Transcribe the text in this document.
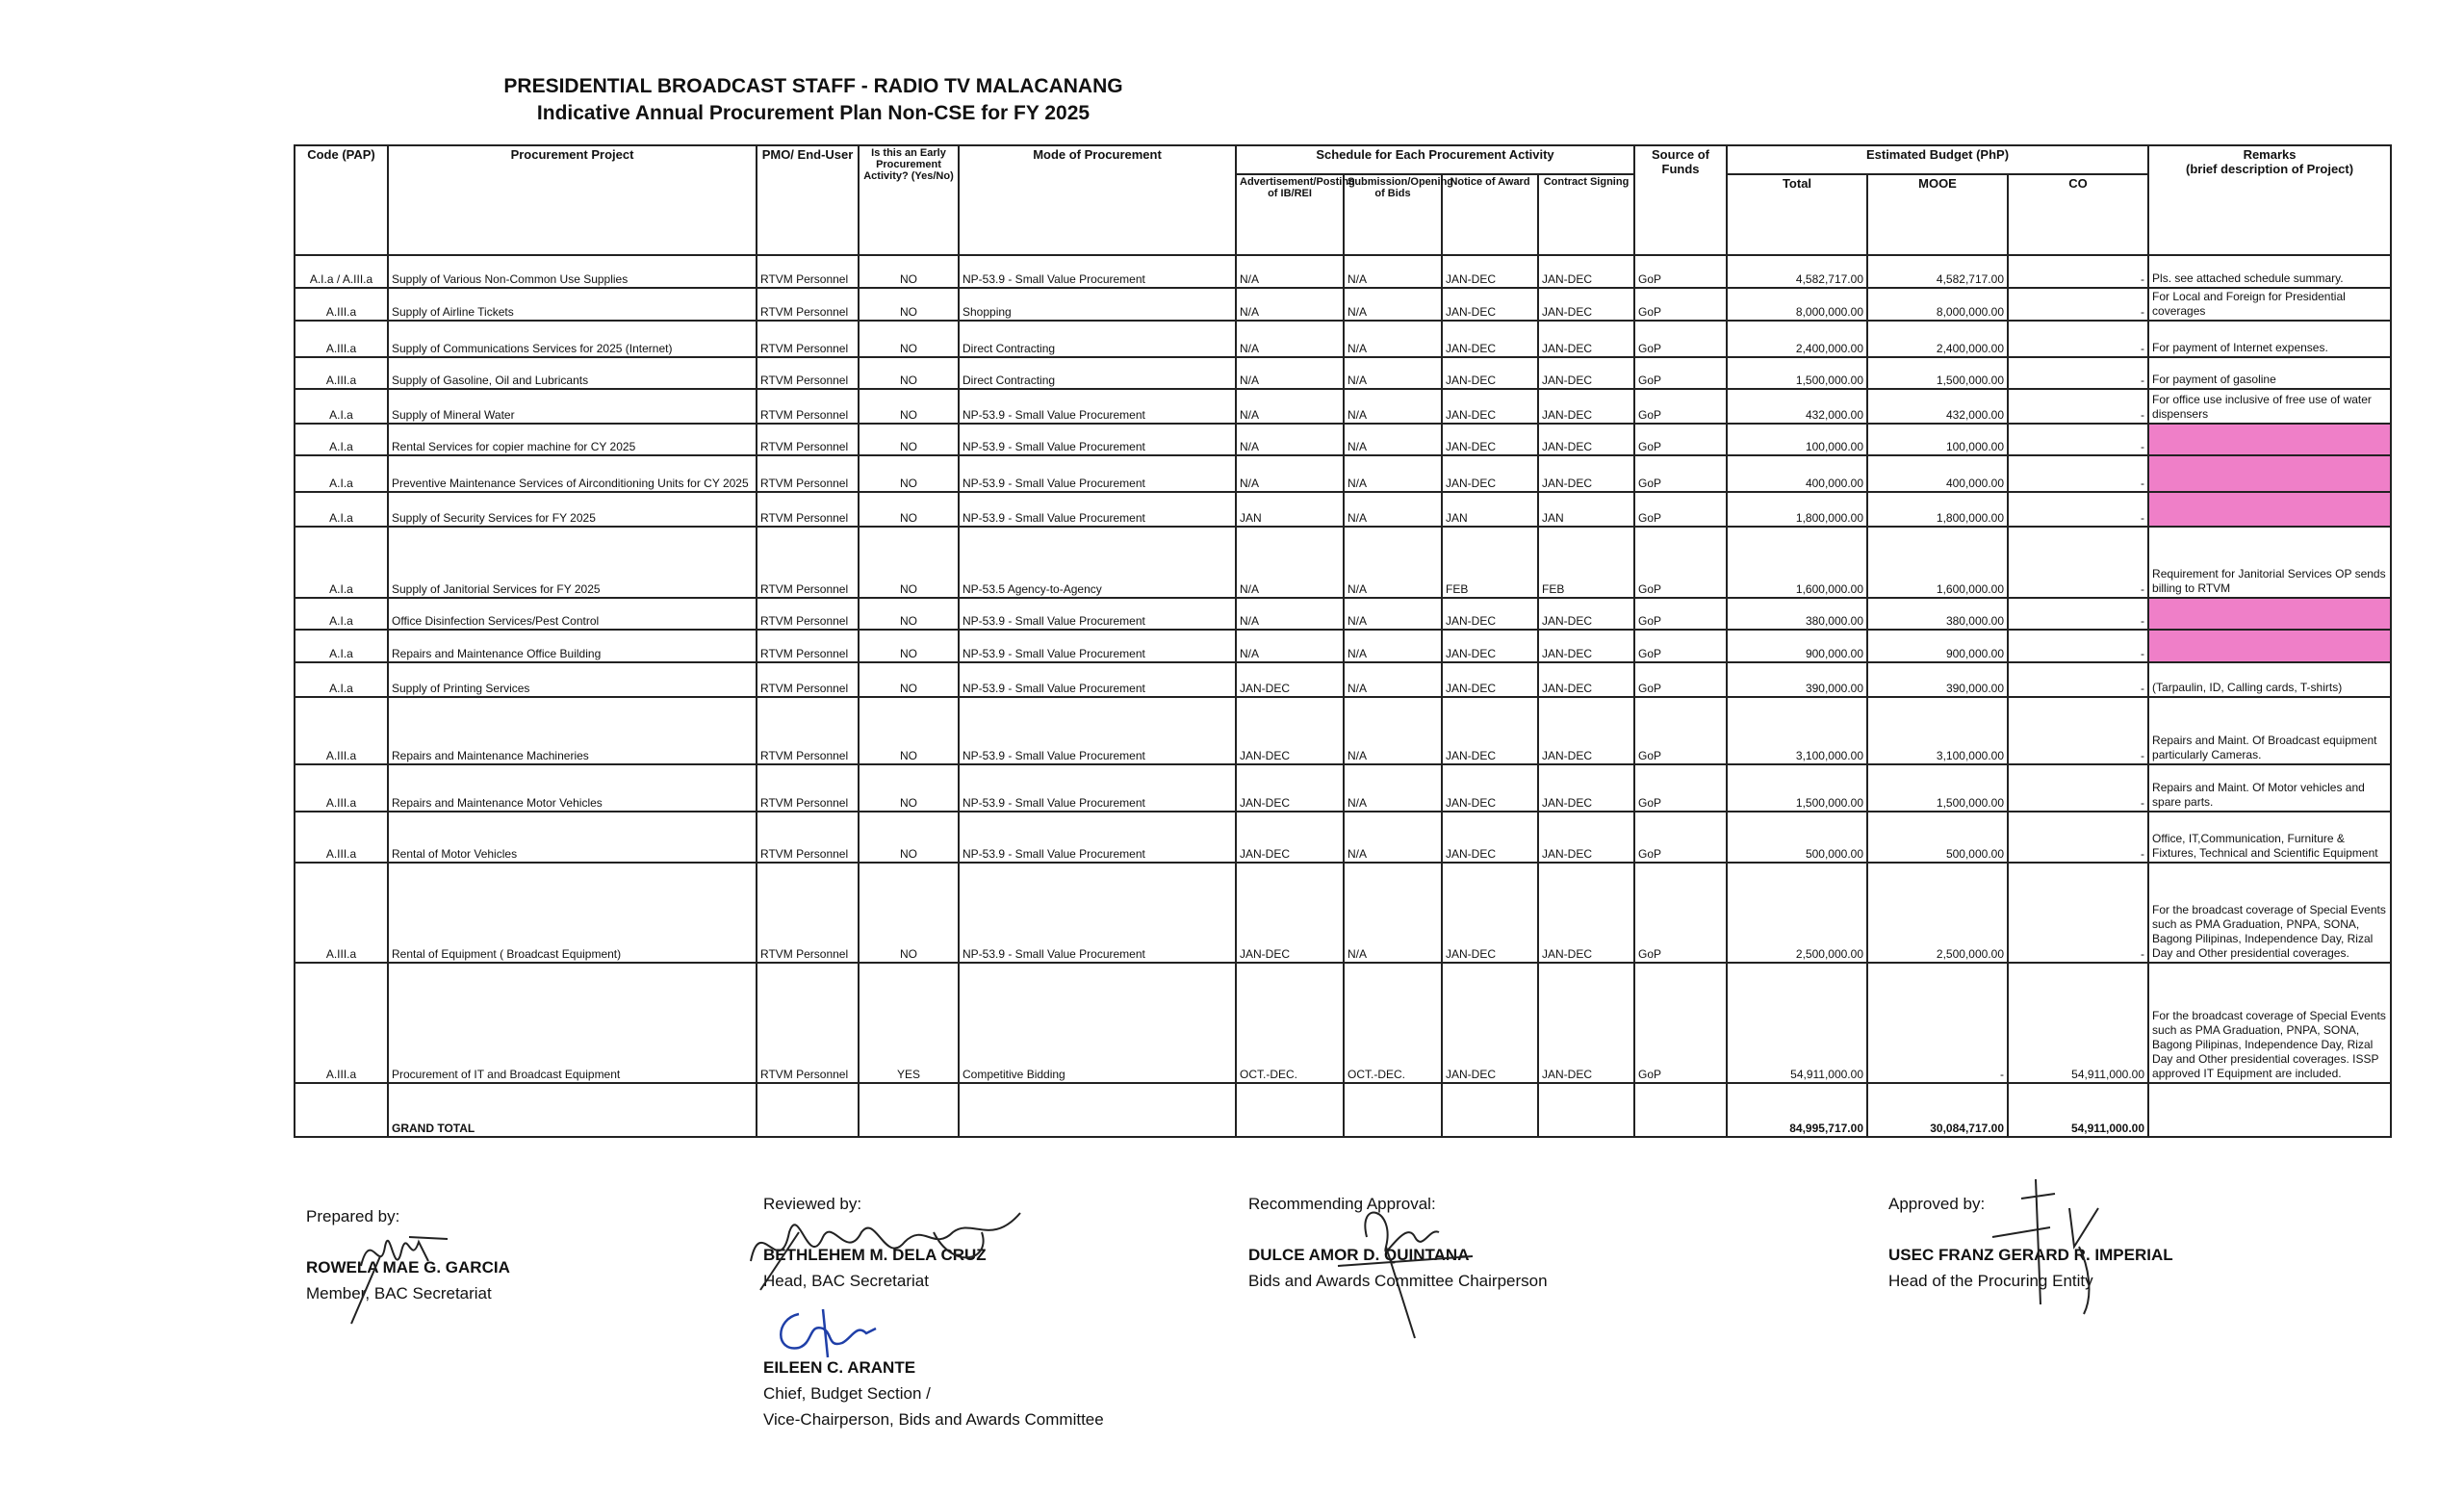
PRESIDENTIAL BROADCAST STAFF - RADIO TV MALACANANG
Indicative Annual Procurement Plan Non-CSE for FY 2025
Code (PAP)	Procurement Project	PMO/ End-User	Is this an Early Procurement Activity? (Yes/No)	Mode of Procurement	Schedule for Each Procurement Activity				Source of Funds	Estimated Budget (PhP)			Remarks
(brief description of Project)

					Advertisement/Posting of IB/REI	Submission/Opening of Bids	Notice of Award	Contract Signing		Total	MOOE	CO	
A.I.a / A.III.a	Supply of Various Non-Common Use Supplies	RTVM Personnel	NO	NP-53.9 - Small Value Procurement	N/A	N/A	JAN-DEC	JAN-DEC	GoP	4,582,717.00	4,582,717.00	-	Pls. see attached schedule summary.
A.III.a	Supply of Airline Tickets	RTVM Personnel	NO	Shopping	N/A	N/A	JAN-DEC	JAN-DEC	GoP	8,000,000.00	8,000,000.00	-	For Local and Foreign for Presidential coverages
A.III.a	Supply of Communications Services for 2025 (Internet)	RTVM Personnel	NO	Direct Contracting	N/A	N/A	JAN-DEC	JAN-DEC	GoP	2,400,000.00	2,400,000.00	-	For payment of Internet expenses.
A.III.a	Supply of Gasoline, Oil and Lubricants	RTVM Personnel	NO	Direct Contracting	N/A	N/A	JAN-DEC	JAN-DEC	GoP	1,500,000.00	1,500,000.00	-	For payment of gasoline
A.I.a	Supply of Mineral Water	RTVM Personnel	NO	NP-53.9 - Small Value Procurement	N/A	N/A	JAN-DEC	JAN-DEC	GoP	432,000.00	432,000.00	-	For office use inclusive of free use of water dispensers
A.I.a	Rental Services for copier machine for CY 2025	RTVM Personnel	NO	NP-53.9 - Small Value Procurement	N/A	N/A	JAN-DEC	JAN-DEC	GoP	100,000.00	100,000.00	-	
A.I.a	Preventive Maintenance Services of Airconditioning Units for CY 2025	RTVM Personnel	NO	NP-53.9 - Small Value Procurement	N/A	N/A	JAN-DEC	JAN-DEC	GoP	400,000.00	400,000.00	-	
A.I.a	Supply of Security Services for FY 2025	RTVM Personnel	NO	NP-53.9 - Small Value Procurement	JAN	N/A	JAN	JAN	GoP	1,800,000.00	1,800,000.00	-	
A.I.a	Supply of Janitorial Services for FY 2025	RTVM Personnel	NO	NP-53.5 Agency-to-Agency	N/A	N/A	FEB	FEB	GoP	1,600,000.00	1,600,000.00	-	Requirement for Janitorial Services OP sends billing to RTVM
A.I.a	Office Disinfection Services/Pest Control	RTVM Personnel	NO	NP-53.9 - Small Value Procurement	N/A	N/A	JAN-DEC	JAN-DEC	GoP	380,000.00	380,000.00	-	
A.I.a	Repairs and Maintenance Office Building	RTVM Personnel	NO	NP-53.9 - Small Value Procurement	N/A	N/A	JAN-DEC	JAN-DEC	GoP	900,000.00	900,000.00	-	
A.I.a	Supply of Printing Services	RTVM Personnel	NO	NP-53.9 - Small Value Procurement	JAN-DEC	N/A	JAN-DEC	JAN-DEC	GoP	390,000.00	390,000.00	-	(Tarpaulin, ID, Calling cards, T-shirts)
A.III.a	Repairs and Maintenance Machineries	RTVM Personnel	NO	NP-53.9 - Small Value Procurement	JAN-DEC	N/A	JAN-DEC	JAN-DEC	GoP	3,100,000.00	3,100,000.00	-	Repairs and Maint. Of Broadcast equipment particularly Cameras.
A.III.a	Repairs and Maintenance Motor Vehicles	RTVM Personnel	NO	NP-53.9 - Small Value Procurement	JAN-DEC	N/A	JAN-DEC	JAN-DEC	GoP	1,500,000.00	1,500,000.00	-	Repairs and Maint. Of Motor vehicles and spare parts.
A.III.a	Rental of Motor Vehicles	RTVM Personnel	NO	NP-53.9 - Small Value Procurement	JAN-DEC	N/A	JAN-DEC	JAN-DEC	GoP	500,000.00	500,000.00	-	Office, IT,Communication, Furniture & Fixtures, Technical and Scientific Equipment
A.III.a	Rental of Equipment ( Broadcast Equipment)	RTVM Personnel	NO	NP-53.9 - Small Value Procurement	JAN-DEC	N/A	JAN-DEC	JAN-DEC	GoP	2,500,000.00	2,500,000.00	-	For the broadcast coverage of Special Events such as PMA Graduation, PNPA, SONA, Bagong Pilipinas, Independence Day, Rizal Day and Other presidential coverages.
A.III.a	Procurement of IT and Broadcast Equipment	RTVM Personnel	YES	Competitive Bidding	OCT.-DEC.	OCT.-DEC.	JAN-DEC	JAN-DEC	GoP	54,911,000.00	-	54,911,000.00	For the broadcast coverage of Special Events such as PMA Graduation, PNPA, SONA, Bagong Pilipinas, Independence Day, Rizal Day and Other presidential coverages. ISSP approved IT Equipment are included.
	GRAND TOTAL									84,995,717.00	30,084,717.00	54,911,000.00	
Prepared by:
ROWELA MAE G. GARCIA
Member, BAC Secretariat
Reviewed by:
BETHLEHEM M. DELA CRUZ
Head, BAC Secretariat
EILEEN C. ARANTE
Chief, Budget Section /
Vice-Chairperson, Bids and Awards Committee
Recommending Approval:
DULCE AMOR D. QUINTANA
Bids and Awards Committee Chairperson
Approved by:
USEC FRANZ GERARD R. IMPERIAL
Head of the Procuring Entity
